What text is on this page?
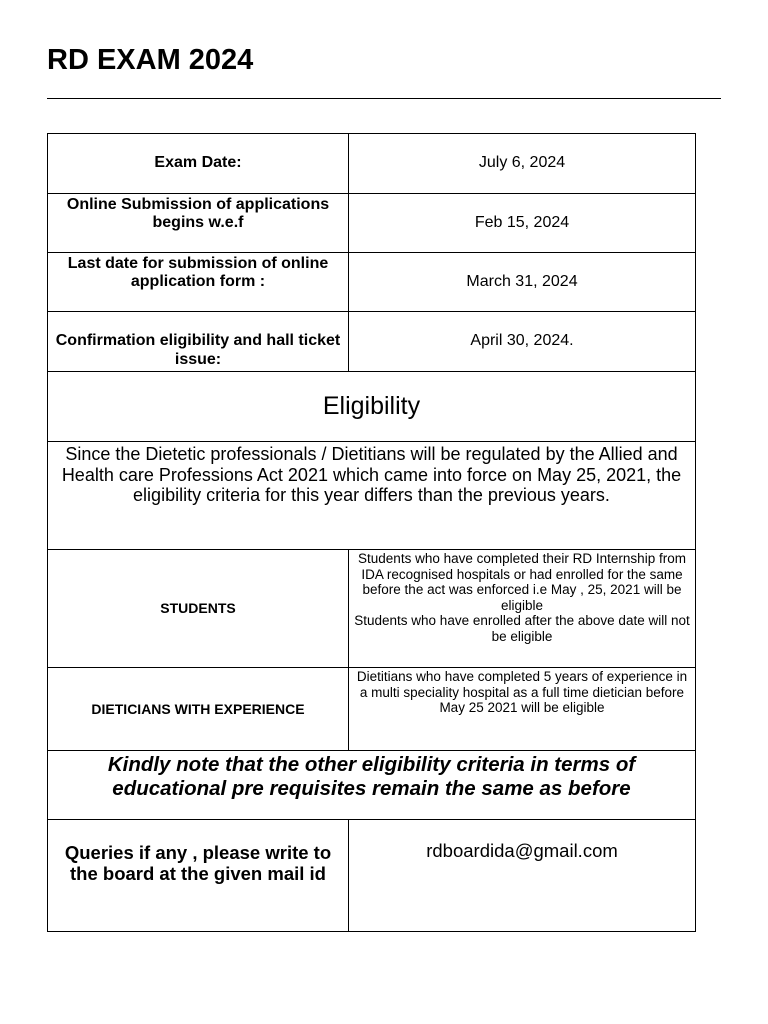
RD EXAM 2024
Exam Date:	July 6, 2024
Online Submission of applications begins w.e.f	Feb 15, 2024
Last date for submission of online application form :	March 31, 2024
Confirmation eligibility and hall ticket issue:	April 30, 2024.
Eligibility	
Since the Dietetic professionals / Dietitians will be regulated by the Allied and Health care Professions Act 2021 which came into force on May 25, 2021, the eligibility criteria for this year differs than the previous years.	
STUDENTS	Students who have completed their RD Internship from IDA recognised hospitals or had enrolled for the same before the act was enforced i.e May , 25, 2021 will be eligible
Students who have enrolled after the above date will not be eligible

DIETICIANS WITH EXPERIENCE	Dietitians who have completed 5 years of experience in a multi speciality hospital as a full time dietician before May 25 2021 will be eligible
Kindly note that the other eligibility criteria in terms of educational pre requisites remain the same as before	
Queries if any , please write to the board at the given mail id	rdboardida@gmail.com
